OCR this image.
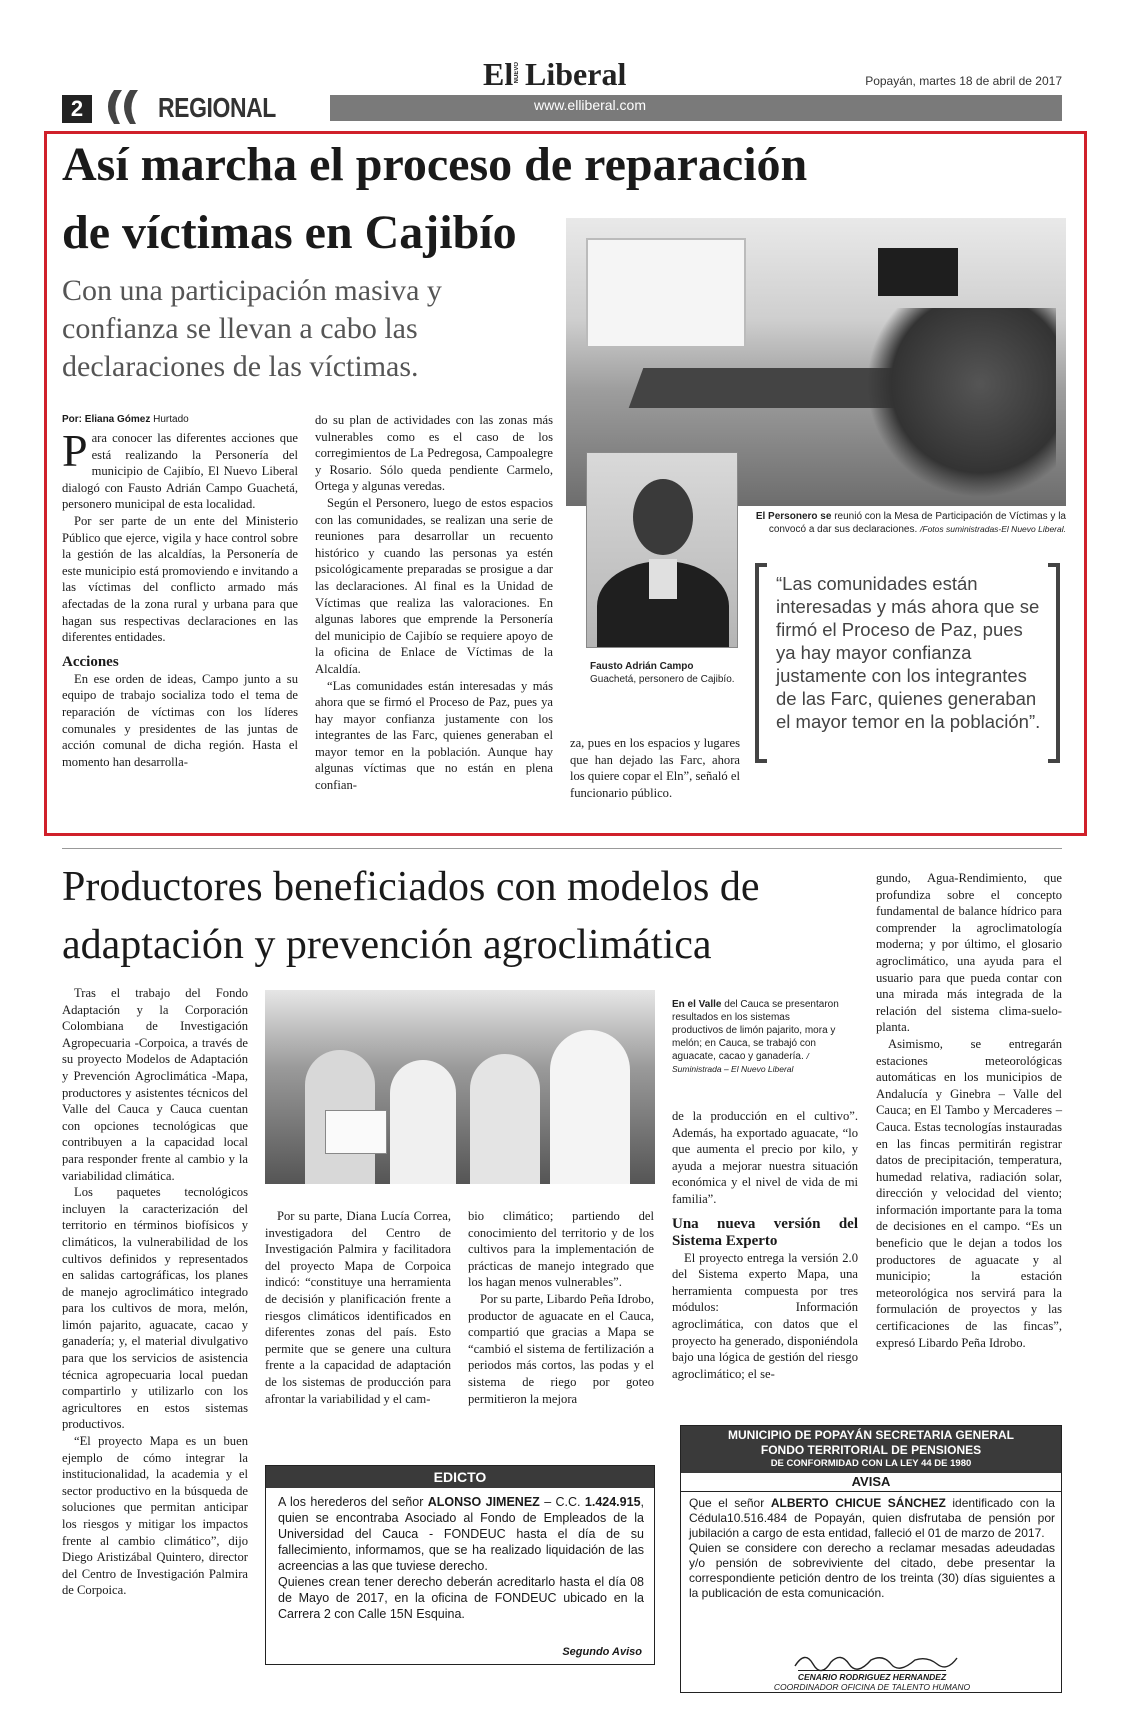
2	REGIONAL	www.elliberal.com
El NUEVO Liberal	Popayán, martes 18 de abril de 2017
Así marcha el proceso de reparación
de víctimas en Cajibío
Con una participación masiva y confianza se llevan a cabo las declaraciones de las víctimas.
El Personero se reunió con la Mesa de Participación de Víctimas y la convocó a dar sus declaraciones. /Fotos suministradas-El Nuevo Liberal.
Fausto Adrián Campo Guachetá, personero de Cajibío.
“Las comunidades están interesadas y más ahora que se firmó el Proceso de Paz, pues ya hay mayor confianza justamente con los integrantes de las Farc, quienes generaban el mayor temor en la población”.
Por: Eliana Gómez Hurtado

Para conocer las diferentes acciones que está realizando la Personería del municipio de Cajibío, El Nuevo Liberal dialogó con Fausto Adrián Campo Guachetá, personero municipal de esta localidad.

Por ser parte de un ente del Ministerio Público que ejerce, vigila y hace control sobre la gestión de las alcaldías, la Personería de este municipio está promoviendo e invitando a las víctimas del conflicto armado más afectadas de la zona rural y urbana para que hagan sus respectivas declaraciones en las diferentes entidades.

Acciones

En ese orden de ideas, Campo junto a su equipo de trabajo socializa todo el tema de reparación de víctimas con los líderes comunales y presidentes de las juntas de acción comunal de dicha región. Hasta el momento han desarrolla-

do su plan de actividades con las zonas más vulnerables como es el caso de los corregimientos de La Pedregosa, Campoalegre y Rosario. Sólo queda pendiente Carmelo, Ortega y algunas veredas.

Según el Personero, luego de estos espacios con las comunidades, se realizan una serie de reuniones para desarrollar un recuento histórico y cuando las personas ya estén psicológicamente preparadas se prosigue a dar las declaraciones. Al final es la Unidad de Víctimas que realiza las valoraciones. En algunas labores que emprende la Personería del municipio de Cajibío se requiere apoyo de la oficina de Enlace de Víctimas de la Alcaldía.

“Las comunidades están interesadas y más ahora que se firmó el Proceso de Paz, pues ya hay mayor confianza justamente con los integrantes de las Farc, quienes generaban el mayor temor en la población. Aunque hay algunas víctimas que no están en plena confian-

za, pues en los espacios y lugares que han dejado las Farc, ahora los quiere copar el Eln”, señaló el funcionario público.

Productores beneficiados con modelos de
adaptación y prevención agroclimática

Tras el trabajo del Fondo Adaptación y la Corporación Colombiana de Investigación Agropecuaria -Corpoica, a través de su proyecto Modelos de Adaptación y Prevención Agroclimática -Mapa, productores y asistentes técnicos del Valle del Cauca y Cauca cuentan con opciones tecnológicas que contribuyen a la capacidad local para responder frente al cambio y la variabilidad climática.

Los paquetes tecnológicos incluyen la caracterización del territorio en términos biofísicos y climáticos, la vulnerabilidad de los cultivos definidos y representados en salidas cartográficas, los planes de manejo agroclimático integrado para los cultivos de mora, melón, limón pajarito, aguacate, cacao y ganadería; y, el material divulgativo para que los servicios de asistencia técnica agropecuaria local puedan compartirlo y utilizarlo con los agricultores en estos sistemas productivos.

“El proyecto Mapa es un buen ejemplo de cómo integrar la institucionalidad, la academia y el sector productivo en la búsqueda de soluciones que permitan anticipar los riesgos y mitigar los impactos frente al cambio climático”, dijo Diego Aristizábal Quintero, director del Centro de Investigación Palmira de Corpoica.

En el Valle del Cauca se presentaron resultados en los sistemas productivos de limón pajarito, mora y melón; en Cauca, se trabajó con aguacate, cacao y ganadería. / Suministrada – El Nuevo Liberal

Por su parte, Diana Lucía Correa, investigadora del Centro de Investigación Palmira y facilitadora del proyecto Mapa de Corpoica indicó: “constituye una herramienta de decisión y planificación frente a riesgos climáticos identificados en diferentes zonas del país. Esto permite que se genere una cultura frente a la capacidad de adaptación de los sistemas de producción para afrontar la variabilidad y el cam-

bio climático; partiendo del conocimiento del territorio y de los cultivos para la implementación de prácticas de manejo integrado que los hagan menos vulnerables”.

Por su parte, Libardo Peña Idrobo, productor de aguacate en el Cauca, compartió que gracias a Mapa se “cambió el sistema de fertilización a periodos más cortos, las podas y el sistema de riego por goteo permitieron la mejora

de la producción en el cultivo”. Además, ha exportado aguacate, “lo que aumenta el precio por kilo, y ayuda a mejorar nuestra situación económica y el nivel de vida de mi familia”.

Una nueva versión del Sistema Experto

El proyecto entrega la versión 2.0 del Sistema experto Mapa, una herramienta compuesta por tres módulos: Información agroclimática, con datos que el proyecto ha generado, disponiéndola bajo una lógica de gestión del riesgo agroclimático; el se-

gundo, Agua-Rendimiento, que profundiza sobre el concepto fundamental de balance hídrico para comprender la agroclimatología moderna; y por último, el glosario agroclimático, una ayuda para el usuario para que pueda contar con una mirada más integrada de la relación del sistema clima-suelo-planta.

Asimismo, se entregarán estaciones meteorológicas automáticas en los municipios de Andalucía y Ginebra – Valle del Cauca; en El Tambo y Mercaderes – Cauca. Estas tecnologías instauradas en las fincas permitirán registrar datos de precipitación, temperatura, humedad relativa, radiación solar, dirección y velocidad del viento; información importante para la toma de decisiones en el campo. “Es un beneficio que le dejan a todos los productores de aguacate y al municipio; la estación meteorológica nos servirá para la formulación de proyectos y las certificaciones de las fincas”, expresó Libardo Peña Idrobo.

EDICTO
A los herederos del señor ALONSO JIMENEZ – C.C. 1.424.915, quien se encontraba Asociado al Fondo de Empleados de la Universidad del Cauca - FONDEUC hasta el día de su fallecimiento, informamos, que se ha realizado liquidación de las acreencias a las que tuviese derecho.
Quienes crean tener derecho deberán acreditarlo hasta el día 08 de Mayo de 2017, en la oficina de FONDEUC ubicado en la Carrera 2 con Calle 15N Esquina.
Segundo Aviso
MUNICIPIO DE POPAYÁN SECRETARIA GENERAL
FONDO TERRITORIAL DE PENSIONES
DE CONFORMIDAD CON LA LEY 44 DE 1980
AVISA
Que el señor ALBERTO CHICUE SÁNCHEZ identificado con la Cédula10.516.484 de Popayán, quien disfrutaba de pensión por jubilación a cargo de esta entidad, falleció el 01 de marzo de 2017.
Quien se considere con derecho a reclamar mesadas adeudadas y/o pensión de sobreviviente del citado, debe presentar la correspondiente petición dentro de los treinta (30) días siguientes a la publicación de esta comunicación.
CENARIO RODRIGUEZ HERNANDEZ
COORDINADOR OFICINA DE TALENTO HUMANO
